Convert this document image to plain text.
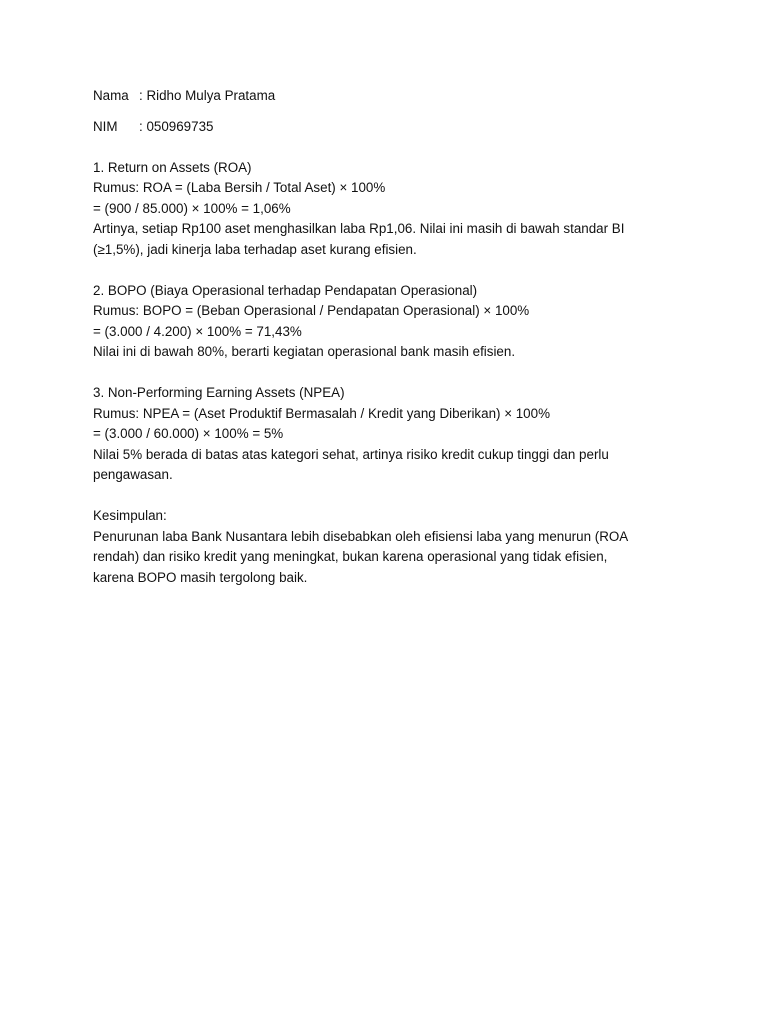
Nama : Ridho Mulya Pratama
NIM	: 050969735
1. Return on Assets (ROA)
Rumus: ROA = (Laba Bersih / Total Aset) × 100%
= (900 / 85.000) × 100% = 1,06%
Artinya, setiap Rp100 aset menghasilkan laba Rp1,06. Nilai ini masih di bawah standar BI
(≥1,5%), jadi kinerja laba terhadap aset kurang efisien.
2. BOPO (Biaya Operasional terhadap Pendapatan Operasional)
Rumus: BOPO = (Beban Operasional / Pendapatan Operasional) × 100%
= (3.000 / 4.200) × 100% = 71,43%
Nilai ini di bawah 80%, berarti kegiatan operasional bank masih efisien.
3. Non-Performing Earning Assets (NPEA)
Rumus: NPEA = (Aset Produktif Bermasalah / Kredit yang Diberikan) × 100%
= (3.000 / 60.000) × 100% = 5%
Nilai 5% berada di batas atas kategori sehat, artinya risiko kredit cukup tinggi dan perlu
pengawasan.
Kesimpulan:
Penurunan laba Bank Nusantara lebih disebabkan oleh efisiensi laba yang menurun (ROA
rendah) dan risiko kredit yang meningkat, bukan karena operasional yang tidak efisien,
karena BOPO masih tergolong baik.
